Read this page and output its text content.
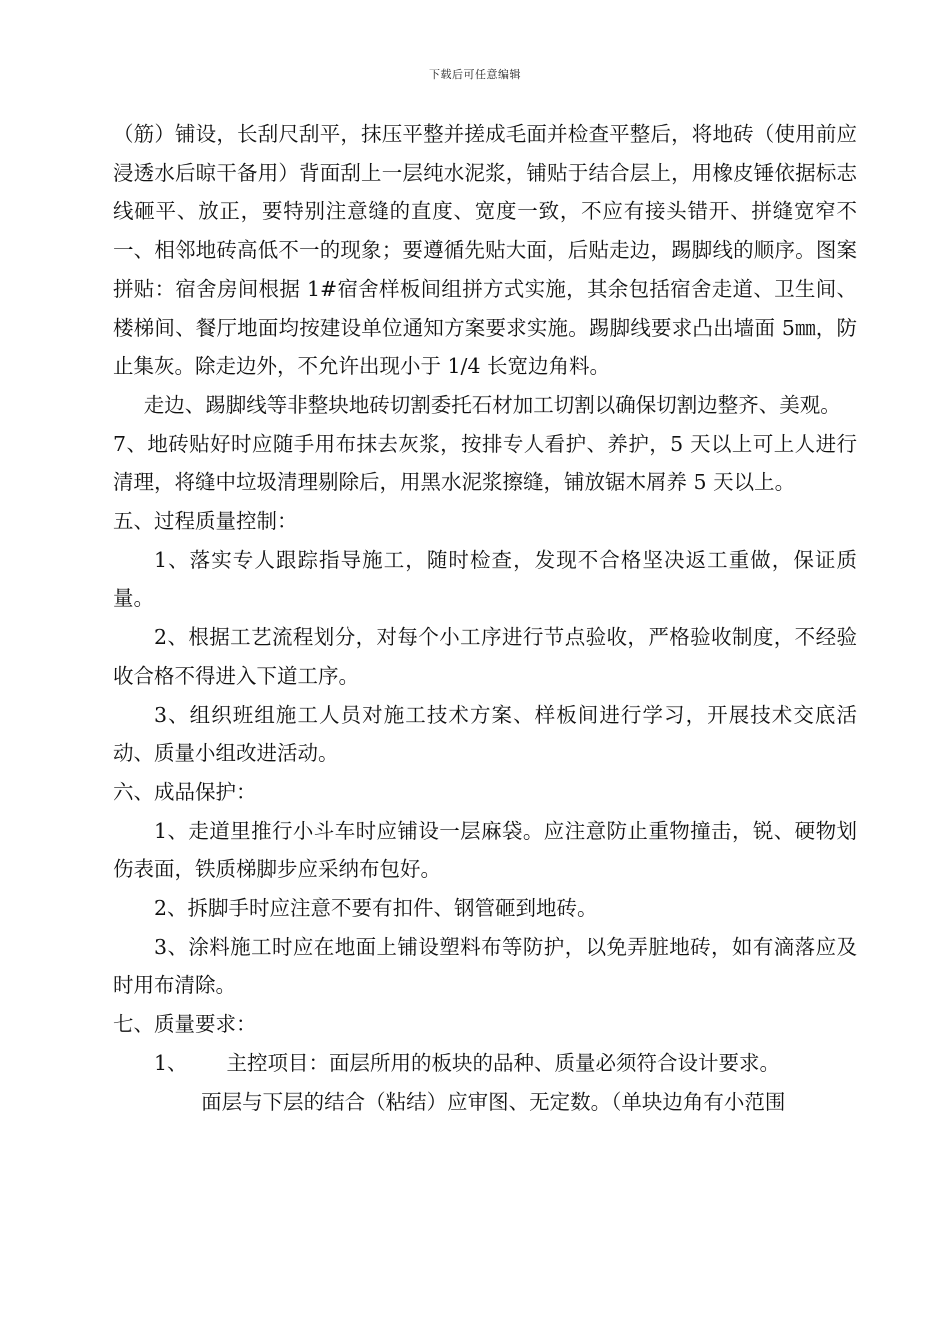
下载后可任意编辑

（筋）铺设，长刮尺刮平，抹压平整并搓成毛面并检查平整后，将地砖（使用前应浸透水后晾干备用）背面刮上一层纯水泥浆，铺贴于结合层上，用橡皮锤依据标志线砸平、放正，要特别注意缝的直度、宽度一致，不应有接头错开、拼缝宽窄不一、相邻地砖高低不一的现象；要遵循先贴大面，后贴走边，踢脚线的顺序。图案拼贴：宿舍房间根据 1#宿舍样板间组拼方式实施，其余包括宿舍走道、卫生间、楼梯间、餐厅地面均按建设单位通知方案要求实施。踢脚线要求凸出墙面 5㎜，防止集灰。除走边外，不允许出现小于 1/4 长宽边角料。

走边、踢脚线等非整块地砖切割委托石材加工切割以确保切割边整齐、美观。

7、地砖贴好时应随手用布抹去灰浆，按排专人看护、养护，5 天以上可上人进行清理，将缝中垃圾清理剔除后，用黑水泥浆擦缝，铺放锯木屑养 5 天以上。

五、过程质量控制：

1、落实专人跟踪指导施工，随时检查，发现不合格坚决返工重做，保证质量。

2、根据工艺流程划分，对每个小工序进行节点验收，严格验收制度，不经验收合格不得进入下道工序。

3、组织班组施工人员对施工技术方案、样板间进行学习，开展技术交底活动、质量小组改进活动。

六、成品保护：

1、走道里推行小斗车时应铺设一层麻袋。应注意防止重物撞击，锐、硬物划伤表面，铁质梯脚步应采纳布包好。

2、拆脚手时应注意不要有扣件、钢管砸到地砖。

3、涂料施工时应在地面上铺设塑料布等防护，以免弄脏地砖，如有滴落应及时用布清除。

七、质量要求：

1、 主控项目：面层所用的板块的品种、质量必须符合设计要求。

面层与下层的结合（粘结）应审图、无定数。（单块边角有小范围
